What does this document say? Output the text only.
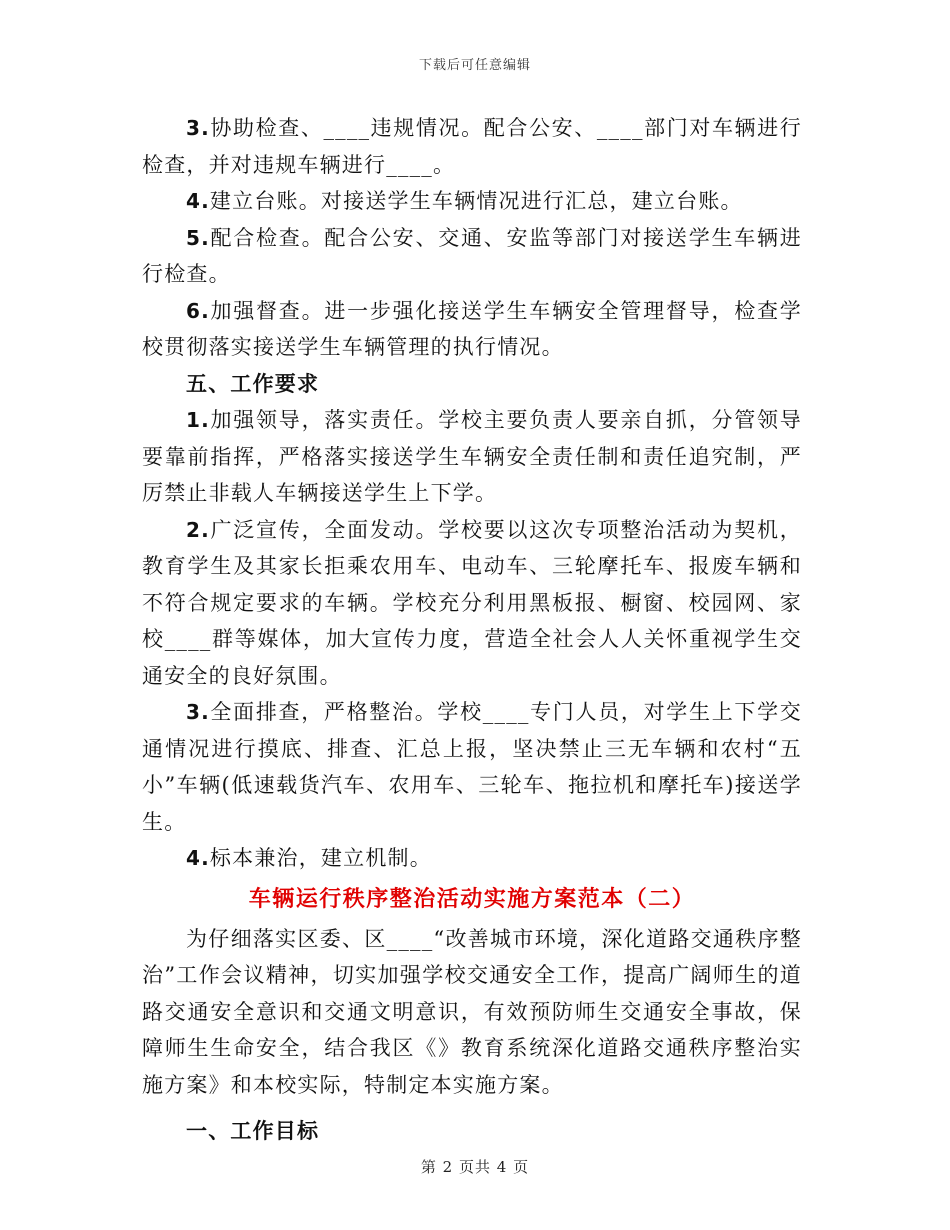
下载后可任意编辑

3.协助检查、____违规情况。配合公安、____部门对车辆进行检查，并对违规车辆进行____。

4.建立台账。对接送学生车辆情况进行汇总，建立台账。

5.配合检查。配合公安、交通、安监等部门对接送学生车辆进行检查。

6.加强督查。进一步强化接送学生车辆安全管理督导，检查学校贯彻落实接送学生车辆管理的执行情况。

五、工作要求

1.加强领导，落实责任。学校主要负责人要亲自抓，分管领导要靠前指挥，严格落实接送学生车辆安全责任制和责任追究制，严厉禁止非载人车辆接送学生上下学。

2.广泛宣传，全面发动。学校要以这次专项整治活动为契机，教育学生及其家长拒乘农用车、电动车、三轮摩托车、报废车辆和不符合规定要求的车辆。学校充分利用黑板报、橱窗、校园网、家校____群等媒体，加大宣传力度，营造全社会人人关怀重视学生交通安全的良好氛围。

3.全面排查，严格整治。学校____专门人员，对学生上下学交通情况进行摸底、排查、汇总上报，坚决禁止三无车辆和农村“五小”车辆(低速载货汽车、农用车、三轮车、拖拉机和摩托车)接送学生。

4.标本兼治，建立机制。

车辆运行秩序整治活动实施方案范本（二）

为仔细落实区委、区____“改善城市环境，深化道路交通秩序整治”工作会议精神，切实加强学校交通安全工作，提高广阔师生的道路交通安全意识和交通文明意识，有效预防师生交通安全事故，保障师生生命安全，结合我区《》教育系统深化道路交通秩序整治实施方案》和本校实际，特制定本实施方案。

一、工作目标

第 2 页共 4 页
